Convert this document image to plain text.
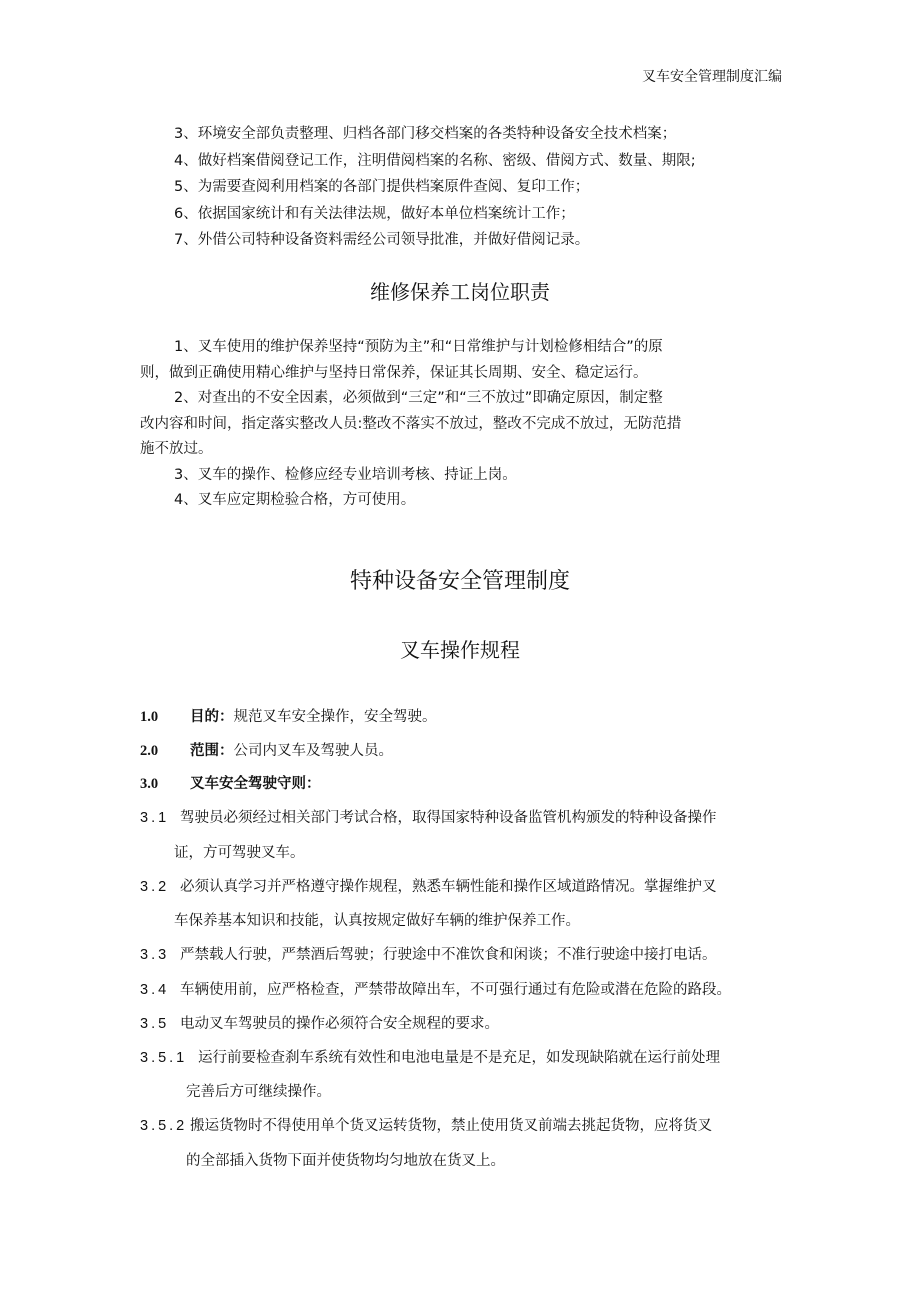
叉车安全管理制度汇编
3、环境安全部负责整理、归档各部门移交档案的各类特种设备安全技术档案；
4、做好档案借阅登记工作，注明借阅档案的名称、密级、借阅方式、数量、期限;
5、为需要查阅利用档案的各部门提供档案原件查阅、复印工作；
6、依据国家统计和有关法律法规，做好本单位档案统计工作；
7、外借公司特种设备资料需经公司领导批准，并做好借阅记录。
维修保养工岗位职责
1、叉车使用的维护保养坚持“预防为主”和“日常维护与计划检修相结合”的原
则，做到正确使用精心维护与坚持日常保养，保证其长周期、安全、稳定运行。
2、对查出的不安全因素，必须做到“三定”和“三不放过”即确定原因，制定整
改内容和时间，指定落实整改人员:整改不落实不放过，整改不完成不放过，无防范措
施不放过。
3、叉车的操作、检修应经专业培训考核、持证上岗。
4、叉车应定期检验合格，方可使用。
特种设备安全管理制度
叉车操作规程
1.0 目的：规范叉车安全操作，安全驾驶。
2.0 范围：公司内叉车及驾驶人员。
3.0 叉车安全驾驶守则：
3.1 驾驶员必须经过相关部门考试合格，取得国家特种设备监管机构颁发的特种设备操作
证，方可驾驶叉车。
3.2 必须认真学习并严格遵守操作规程，熟悉车辆性能和操作区域道路情况。掌握维护叉
车保养基本知识和技能，认真按规定做好车辆的维护保养工作。
3.3 严禁载人行驶，严禁酒后驾驶；行驶途中不准饮食和闲谈；不准行驶途中接打电话。
3.4 车辆使用前，应严格检查，严禁带故障出车，不可强行通过有危险或潜在危险的路段。
3.5 电动叉车驾驶员的操作必须符合安全规程的要求。
3.5.1 运行前要检查刹车系统有效性和电池电量是不是充足，如发现缺陷就在运行前处理
完善后方可继续操作。
3.5.2 搬运货物时不得使用单个货叉运转货物，禁止使用货叉前端去挑起货物，应将货叉
的全部插入货物下面并使货物均匀地放在货叉上。
